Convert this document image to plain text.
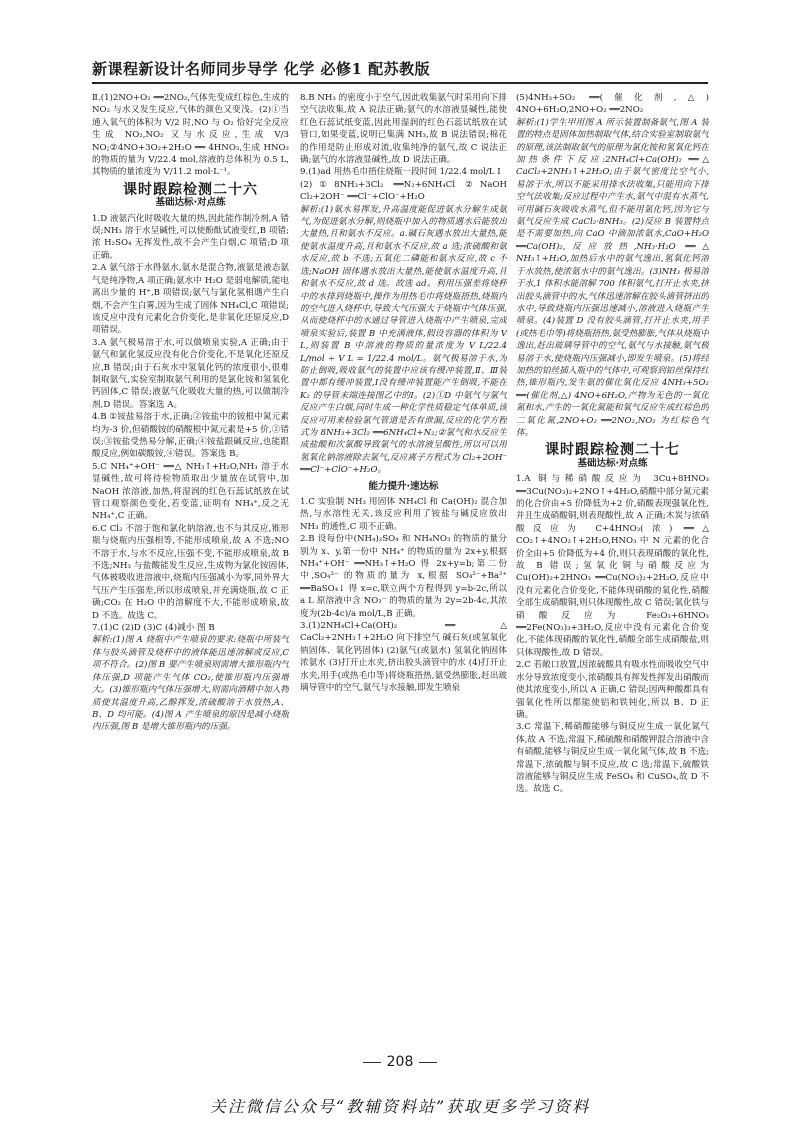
新课程新设计名师同步导学 化学 必修1 配苏教版

Ⅱ.(1)2NO+O₂ ══2NO₂,气体先变成红棕色,生成的 NO₂ 与水又发生反应,气体的颜色又变浅。(2)①当通入氧气的体积为 V/2 时,NO 与 O₂ 恰好完全反应生成 NO₂,NO₂ 又与水反应,生成 V/3 NO;②4NO+3O₂+2H₂O ══ 4HNO₃,生成 HNO₃ 的物质的量为 V/22.4 mol,溶液的总体积为 0.5 L,其物质的量浓度为 V/11.2 mol·L⁻¹。

课时跟踪检测二十六
基础达标·对点练

1.D 液氨汽化时吸收大量的热,因此能作制冷剂,A 错误;NH₃ 溶于水呈碱性,可以使酚酞试液变红,B 项错;浓 H₂SO₄ 无挥发性,故不会产生白烟,C 项错;D 项正确。

2.A 氨气溶于水得氨水,氨水是混合物,液氨是液态氨气是纯净物,A 项正确;氨水中 H₂O 是弱电解质,能电离出少量的 H⁺,B 项错误;氨气与氯化氢相遇产生白烟,不会产生白雾,因为生成了固体 NH₄Cl,C 项错误;该反应中没有元素化合价变化,是非氧化还原反应,D 项错误。

3.A 氨气极易溶于水,可以做喷泉实验,A 正确;由于氨气和氯化氢反应没有化合价变化,不是氧化还原反应,B 错误;由于石灰水中氢氧化钙的浓度很小,很难制取氨气,实验室制取氨气利用的是氯化铵和氢氧化钙固体,C 错误;液氨气化吸收大量的热,可以做制冷剂,D 错误。答案选 A。

4.B ①铵盐易溶于水,正确;②铵盐中的铵根中氮元素均为-3 价,但硝酸铵的硝酸根中氮元素是+5 价,②错误;③铵盐受热易分解,正确;④铵盐跟碱反应,也能跟酸反应,例如碳酸铵,④错误。答案选 B。

5.C NH₄⁺+OH⁻ ══△ NH₃↑+H₂O,NH₃ 溶于水显碱性,故可将待检物质取出少量放在试管中,加 NaOH 浓溶液,加热,将湿润的红色石蕊试纸放在试管口观察颜色变化,若变蓝,证明有 NH₄⁺,反之无 NH₄⁺,C 正确。

6.C Cl₂ 不溶于饱和氯化钠溶液,也不与其反应,锥形瓶与烧瓶内压强相等,不能形成喷泉,故 A 不选;NO 不溶于水,与水不反应,压强不变,不能形成喷泉,故 B 不选;NH₃ 与盐酸能发生反应,生成物为氯化铵固体,气体被吸收进溶液中,烧瓶内压强减小为零,同外界大气压产生压强差,所以形成喷泉,并充满烧瓶,故 C 正确;CO₂ 在 H₂O 中的溶解度不大,不能形成喷泉,故 D 不选。故选 C。

7.(1)C (2)D (3)C (4)减小 图 B

解析:(1)图 A 烧瓶中产生喷泉的要求:烧瓶中所装气体与胶头滴管及烧杯中的液体能迅速溶解或反应,C 项不符合。(2)图 B 要产生喷泉则需增大锥形瓶内气体压强,D 项能产生气体 CO₂,使锥形瓶内压强增大。(3)锥形瓶内气体压强增大,则需向酒精中加入物质使其温度升高,乙醇挥发,浓硫酸溶于水放热,A、B、D 均可能。(4)图 A 产生喷泉的原因是减小烧瓶内压强,图 B 是增大锥形瓶内的压强。

8.B NH₃ 的密度小于空气,因此收集氨气时采用向下排空气法收集,故 A 说法正确;氨气的水溶液显碱性,能使红色石蕊试纸变蓝,因此用湿润的红色石蕊试纸放在试管口,如果变蓝,说明已集满 NH₃,故 B 说法错误;棉花的作用是防止形成对流,收集纯净的氨气,故 C 说法正确;氨气的水溶液显碱性,故 D 说法正确。

9.(1)ad 用热毛巾捂住烧瓶一段时间 1/22.4 mol/L Ⅰ

(2)①8NH₃+3Cl₂ ══N₂+6NH₄Cl ②NaOH Cl₂+2OH⁻ ══Cl⁻+ClO⁻+H₂O

解析:(1)氨水易挥发,升高温度能促进氨水分解生成氨气,为促进氨水分解,则烧瓶中加入的物质遇水后能放出大量热,且和氨水不反应。a.碱石灰遇水放出大量热,能使氨水温度升高,且和氨水不反应,故 a 选;浓硫酸和氨水反应,故 b 不选;五氧化二磷能和氨水反应,故 c 不选;NaOH 固体遇水放出大量热,能使氨水温度升高,且和氨水不反应,故 d 选。故选 ad。利用压强差将烧杯中的水排到烧瓶中,操作为用热毛巾将烧瓶捂热,烧瓶内的空气进入烧杯中,导致大气压强大于烧瓶中气体压强,从而使烧杯中的水通过导管进入烧瓶中产生喷泉,完成喷泉实验后,装置 B 中充满液体,假设容器的体积为 V L,则装置 B 中溶液的物质的量浓度为 V L/22.4 L/mol ÷ V L = 1/22.4 mol/L。氨气极易溶于水,为防止倒吸,吸收氨气的装置中应该有缓冲装置,Ⅱ、Ⅲ装置中都有缓冲装置,Ⅰ没有缓冲装置能产生倒吸,不能在 K₂ 的导管末端连接图乙中的Ⅰ。(2)①D 中氨气与氯气反应产生白烟,同时生成一种化学性质稳定气体单质,该反应可用来检验氯气管道是否有泄漏,反应的化学方程式为 8NH₃+3Cl₂ ══6NH₄Cl+N₂;②氯气和水反应生成盐酸和次氯酸导致氯气的水溶液呈酸性,所以可以用氢氧化钠溶液除去氯气,反应离子方程式为 Cl₂+2OH⁻ ══Cl⁻+ClO⁻+H₂O。

能力提升·速达标

1.C 实验制 NH₃ 用固体 NH₄Cl 和 Ca(OH)₂ 混合加热,与水溶性无关,该反应利用了铵盐与碱反应放出 NH₃ 的通性,C 项不正确。

2.B 设每份中(NH₄)₂SO₄ 和 NH₄NO₃ 的物质的量分别为 x、y,第一份中 NH₄⁺ 的物质的量为 2x+y,根据 NH₄⁺+OH⁻ ══NH₃↑+H₂O 得 2x+y=b;第二份中,SO₄²⁻ 的物质的量为 x,根据 SO₄²⁻+Ba²⁺ ══BaSO₄↓ 得 x=c,联立两个方程得到 y=b-2c,所以 a L 原溶液中含 NO₃⁻ 的物质的量为 2y=2b-4c,其浓度为(2b-4c)/a mol/L,B 正确。

3.(1)2NH₄Cl+Ca(OH)₂ ══△ CaCl₂+2NH₃↑+2H₂O 向下排空气 碱石灰(或氢氧化钠固体、氧化钙固体) (2)氨气(或氨水) 氢氧化钠固体 浓氨水 (3)打开止水夹,挤出胶头滴管中的水 (4)打开止水夹,用手(或热毛巾等)将烧瓶捂热,氨受热膨胀,赶出玻璃导管中的空气,氨气与水接触,即发生喷泉

(5)4NH₃+5O₂ ══(催化剂,△) 4NO+6H₂O,2NO+O₂ ══2NO₂

解析:(1)学生甲用图 A 所示装置制备氨气,图 A 装置的特点是固体加热制取气体,结合实验室制取氨气的原理,该法制取氨气的原理为氯化铵和氢氧化钙在加热条件下反应:2NH₄Cl+Ca(OH)₂ ══△ CaCl₂+2NH₃↑+2H₂O;由于氨气密度比空气小,易溶于水,所以不能采用排水法收集,只能用向下排空气法收集;反应过程中产生水,氨气中混有水蒸气,可用碱石灰吸收水蒸气,但不能用氯化钙,因为它与氨气反应生成 CaCl₂·8NH₃。(2)反应 B 装置特点是不需要加热,向 CaO 中滴加浓氨水,CaO+H₂O ══Ca(OH)₂,反应放热,NH₃·H₂O ══△ NH₃↑+H₂O,加热后水中的氨气逸出,氢氧化钙溶于水放热,使浓氨水中的氨气逸出。(3)NH₃ 极易溶于水,1 体积水能溶解 700 体积氨气,打开止水夹,挤出胶头滴管中的水,气体迅速溶解在胶头滴管挤出的水中,导致烧瓶内压强迅速减小,溶液进入烧瓶产生喷泉。(4)装置 D 没有胶头滴管,打开止水夹,用手(或热毛巾等)将烧瓶捂热,氨受热膨胀,气体从烧瓶中逸出,赶出玻璃导管中的空气,氨气与水接触,氨气极易溶于水,使烧瓶内压强减小,即发生喷泉。(5)将经加热的铂丝插入瓶中的气体中,可观察到铂丝保持红热,锥形瓶内,发生氨的催化氧化反应 4NH₃+5O₂ ══(催化剂,△) 4NO+6H₂O,产物为无色的一氧化氮和水,产生的一氧化氮能和氧气反应生成红棕色的二氧化氮,2NO+O₂ ══2NO₂,NO₂ 为红棕色气体。

课时跟踪检测二十七
基础达标·对点练

1.A 铜与稀硝酸反应为 3Cu+8HNO₃ ══3Cu(NO₃)₂+2NO↑+4H₂O,硝酸中部分氮元素的化合价由+5 价降低为+2 价,硝酸表现强氧化性,并且生成硝酸铜,则表现酸性,故 A 正确;木炭与浓硝酸反应为 C+4HNO₃(浓) ══△ CO₂↑+4NO₂↑+2H₂O,HNO₃ 中 N 元素的化合价全由+5 价降低为+4 价,则只表现硝酸的氧化性,故 B 错误;氢氧化铜与硝酸反应为 Cu(OH)₂+2HNO₃ ══Cu(NO₃)₂+2H₂O,反应中没有元素化合价变化,不能体现硝酸的氧化性,硝酸全部生成硝酸铜,则只体现酸性,故 C 错误;氧化铁与硝酸反应为 Fe₂O₃+6HNO₃ ══2Fe(NO₃)₃+3H₂O,反应中没有元素化合价变化,不能体现硝酸的氧化性,硝酸全部生成硝酸盐,则只体现酸性,故 D 错误。

2.C 若敞口放置,因浓硫酸具有吸水性而吸收空气中水分导致浓度变小,浓硝酸具有挥发性挥发出硝酸而使其浓度变小,所以 A 正确,C 错误;因两种酸都具有强氧化性所以都能使铝和铁钝化,所以 B、D 正确。

3.C 常温下,稀硝酸能够与铜反应生成一氧化氮气体,故 A 不选;常温下,稀硫酸和硝酸钾混合溶液中含有硝酸,能够与铜反应生成一氧化氮气体,故 B 不选;常温下,浓硫酸与铜不反应,故 C 选;常温下,硫酸铁溶液能够与铜反应生成 FeSO₄ 和 CuSO₄,故 D 不选。故选 C。

208
关注微信公众号“教辅资料站”获取更多学习资料
